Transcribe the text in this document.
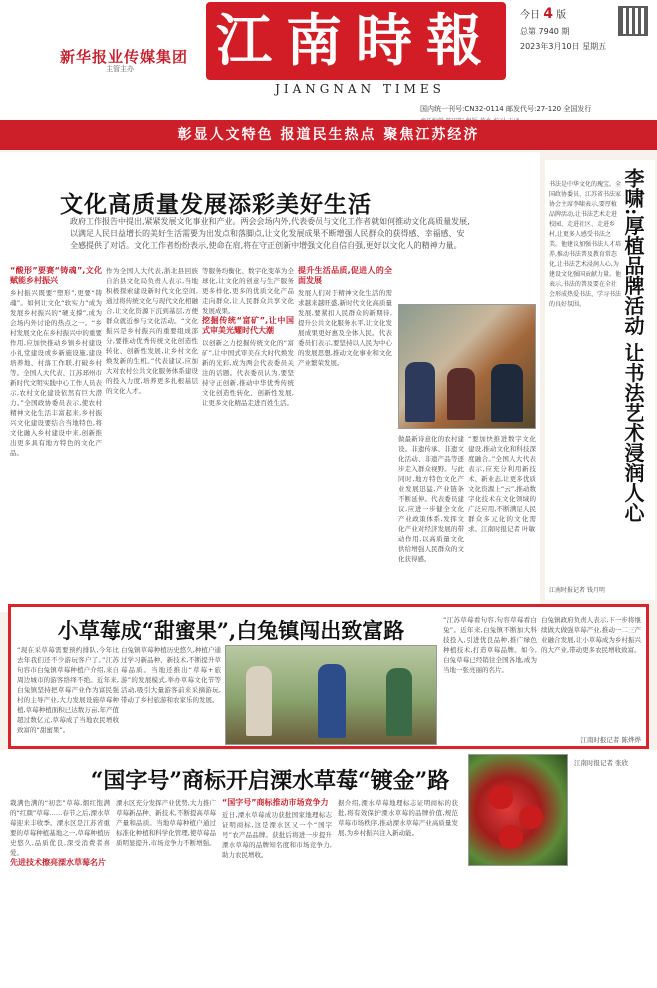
新华报业传媒集团
主管主办 江南時報
JIANGNAN TIMES
今日 4 版
总第 7940 期
2023年3月10日 星期五
国内统一刊号:CN32-0114 邮发代号:27-120 全国发行
彰显人文特色 报道民生热点 聚焦江苏经济
文化高质量发展添彩美好生活
政府工作报告中提出,紧紧发展文化事业和产业。两会会场内外,代表委员与文化工作者就如何推动文化高质量发展,以满足人民日益增长的美好生活需要为出发点和落脚点,让文化发展成果不断增强人民群众的获得感、幸福感、安全感提供了对话。文化工作者纷纷表示,使命在肩,将在守正创新中增强文化自信自强,更好以文化人的精神力量。
“酸形”要赛“铸魂”,文化赋能乡村振兴

乡村振兴既要“塑形”,更要“铸魂”。如何让文化“软实力”成为发展乡村振兴的“硬支撑”,成为会场内外讨论的热点之一。“乡村发展文化在乡村振兴中的重要作用,应加快推动乡镇乡村建设小礼堂建设或乡新施设施,建设培养地、村落工作联,打破乡村等。全国人大代表、江苏邳州市新时代文明实践中心工作人员表示,农村文化建设依然有巨大潜力。”全国政协委员表示,使农村精神文化生活丰富起来,乡村振兴文化建设要结合当地特色,将文化融入乡村建设中来,创新推出更多具有地方特色的文化产品。

作为全国人大代表,浙北县回族自治县文化局负责人表示,当地积极探索建设新时代文化空间,通过将传统文化与现代文化相融合,让文化资源下沉到基层,方便群众就近参与文化活动。“文化振兴是乡村振兴的重要组成部分,要推动优秀传统文化创造性转化、创新性发展,让乡村文化焕发新的生机。”代表建议,应加大对农村公共文化服务体系建设的投入力度,培养更多扎根基层的文化人才。

等服务均衡化、数字化变革为全球化,让文化的创意与生产服务更多样化,更多的优质文化产品走向群众,让人民群众共享文化发展成果。

挖掘传统“富矿”,让中国式审美光耀时代大潮

以创新之力挖掘传统文化的“富矿”,让中国式审美在大时代焕发新的光彩,成为两会代表委员关注的话题。代表委员认为,要坚持守正创新,推动中华优秀传统文化创造性转化、创新性发展,让更多文化精品走进百姓生活。

提升生活品质,促进人的全面发展

发展人们对于精神文化生活的需求越来越旺盛,新时代文化高质量发展,要紧扣人民群众的新期待,提升公共文化服务水平,让文化发展成果更好惠及全体人民。代表委员们表示,要坚持以人民为中心的发展思想,推动文化事业和文化产业繁荣发展。

做最新诗意化的农村建设。非遗传承、非遗文化活动、非遗产品等逐步走入群众视野。与此同时,地方特色文化产业发展迅猛,产业链条不断延伸。代表委员建议,应进一步健全文化产业政策体系,发挥文化产业对经济发展的带动作用,以高质量文化供给增强人民群众的文化获得感。

“要加快推进数字文化建设,推动文化和科技深度融合。”全国人大代表表示,应充分利用新技术、新业态,让更多优质文化资源上“云”,推动数字化技术在文化领域的广泛应用,不断满足人民群众多元化的文化需求。江南时报记者 叶敏

李啸:厚植品牌活动 让书法艺术浸润人心
书法是中华文化的瑰宝。全国政协委员、江苏省书法家协会主席李啸表示,要厚植品牌活动,让书法艺术走进校园、走进社区、走进乡村,让更多人感受书法之美。他建议加强书法人才培养,推动书法普及教育常态化,让书法艺术浸润人心,为建设文化强国贡献力量。他表示,书法的普及要在全社会形成热爱书法、学习书法的良好氛围。
江南时报记者 钱月明
小草莓成“甜蜜果”,白兔镇闯出致富路

“现在采草莓需要预约排队,今年比去年我们还不少游玩客户了。”江苏句容市白兔镇草莓种植户介绍,来自周边城市的游客络绎不绝。近年来,白兔镇坚持把草莓产业作为富民强村的主导产业,大力发展设施草莓种植,草莓种植面积已达数万亩,年产值超过数亿元,草莓成了当地农民增收致富的“甜蜜果”。

白兔镇草莓种植历史悠久,种植户通过学习新品种、新技术,不断提升草莓品质。当地还推出“草莓+旅游”的发展模式,举办草莓文化节等活动,吸引大量游客前来采摘游玩,带动了乡村旅游和农家乐的发展。

“江苏草莓看句容,句容草莓看白兔”。近年来,白兔镇不断加大科技投入,引进优良品种,推广绿色种植技术,打造草莓品牌。如今,白兔草莓已经销往全国各地,成为当地一张亮丽的名片。

白兔镇政府负责人表示,下一步将继续做大做强草莓产业,推动一二三产业融合发展,让小草莓成为乡村振兴的大产业,带动更多农民增收致富。

江南时报记者 陈烨烨
“国字号”商标开启溧水草莓“镀金”路

栽满色满的“初恋”草莓,烟红饱满的“红颜”草莓……春节之后,溧水草莓迎来丰收季。溧水区是江苏省重要的草莓种植基地之一,草莓种植历史悠久,品质优良,深受消费者喜爱。

先进技术擦亮溧水草莓名片

溧水区充分发挥产业优势,大力推广草莓新品种、新技术,不断提高草莓产量和品质。当地草莓种植户通过标准化种植和科学化管理,使草莓品质明显提升,市场竞争力不断增强。

“国字号”商标推动市场竞争力

近日,溧水草莓成功获批国家地理标志证明商标,这是溧水区又一个“国字号”农产品品牌。获批后将进一步提升溧水草莓的品牌知名度和市场竞争力,助力农民增收。

据介绍,溧水草莓地理标志证明商标的获批,将有效保护溧水草莓的品牌价值,规范草莓市场秩序,推动溧水草莓产业高质量发展,为乡村振兴注入新动能。

江南时报记者 张欣
